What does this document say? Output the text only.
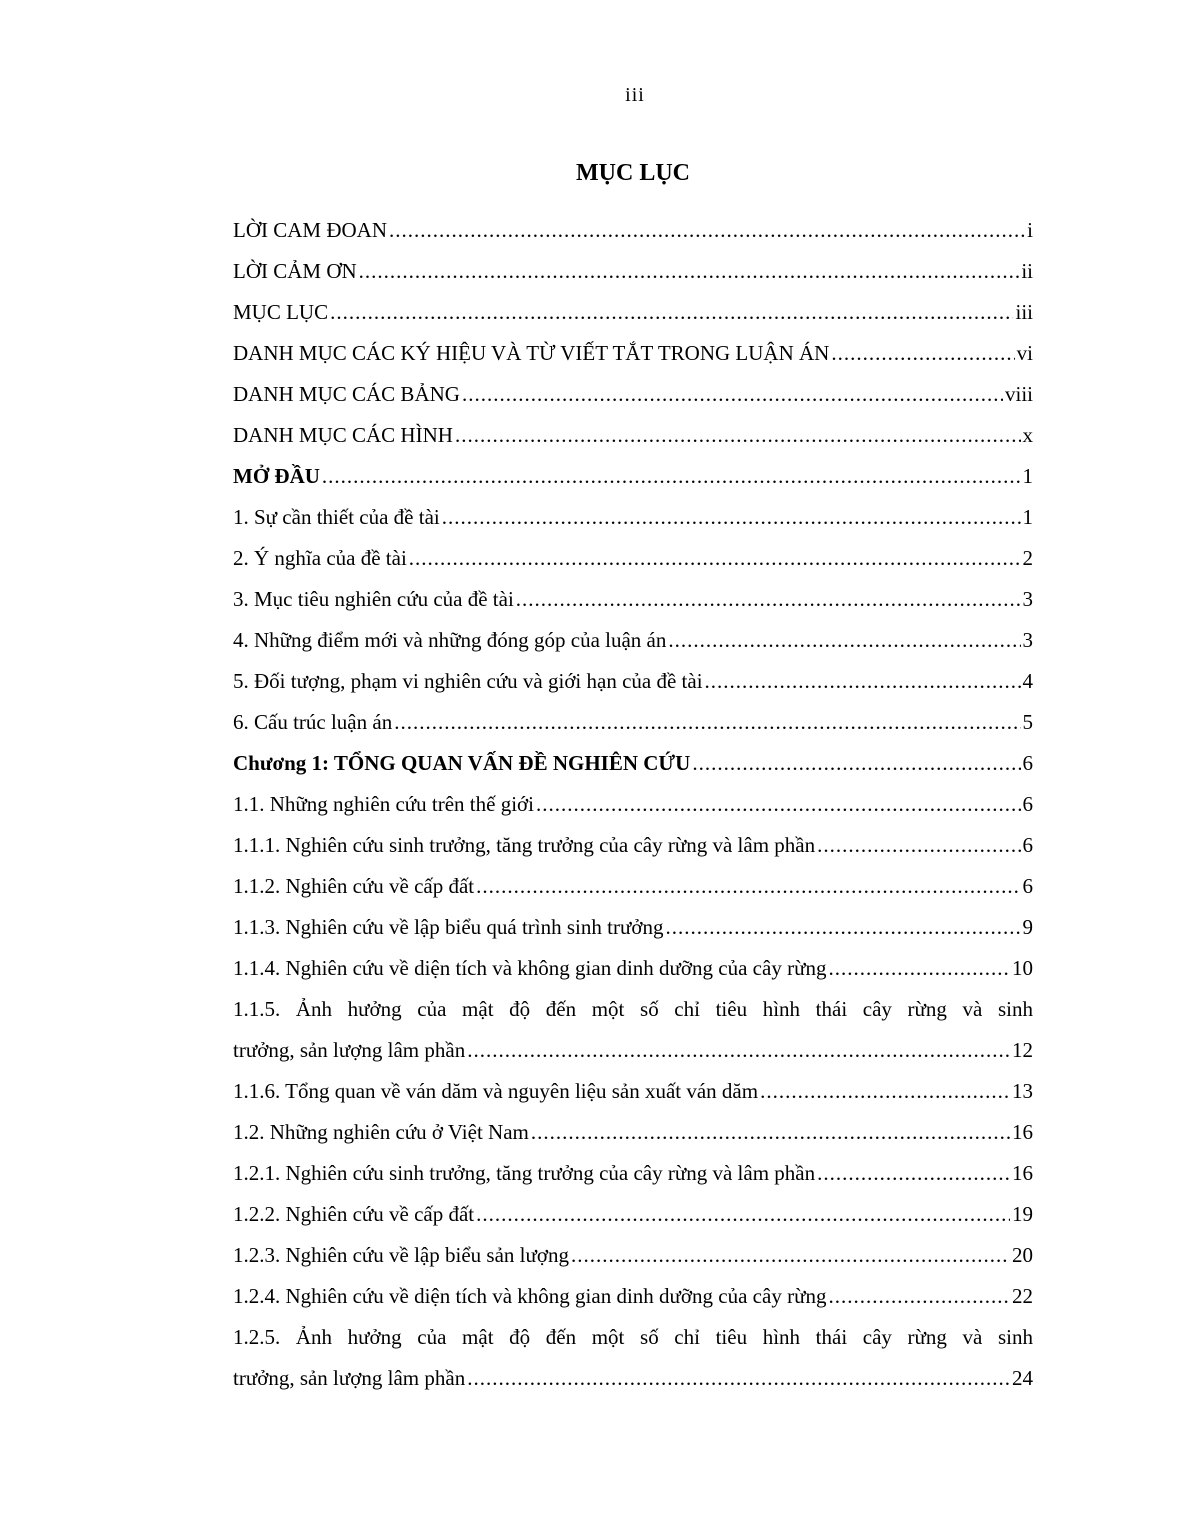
iii
MỤC LỤC
LỜI CAM ĐOAN .....	i
LỜI CẢM ƠN .....	ii
MỤC LỤC .....	iii
DANH MỤC CÁC KÝ HIỆU VÀ TỪ VIẾT TẮT TRONG LUẬN ÁN .....	vi
DANH MỤC CÁC BẢNG .....	viii
DANH MỤC CÁC HÌNH .....	x
MỞ ĐẦU .....	1
1. Sự cần thiết của đề tài .....	1
2. Ý nghĩa của đề tài .....	2
3. Mục tiêu nghiên cứu của đề tài .....	3
4. Những điểm mới và những đóng góp của luận án .....	3
5. Đối tượng, phạm vi nghiên cứu và giới hạn của đề tài .....	4
6. Cấu trúc luận án .....	5
Chương 1: TỔNG QUAN VẤN ĐỀ NGHIÊN CỨU .....	6
1.1. Những nghiên cứu trên thế giới .....	6
1.1.1. Nghiên cứu sinh trưởng, tăng trưởng của cây rừng và lâm phần .....	6
1.1.2. Nghiên cứu về cấp đất .....	6
1.1.3. Nghiên cứu về lập biểu quá trình sinh trưởng .....	9
1.1.4. Nghiên cứu về diện tích và không gian dinh dưỡng của cây rừng .....	10
1.1.5. Ảnh hưởng của mật độ đến một số chỉ tiêu hình thái cây rừng và sinh
trưởng, sản lượng lâm phần .....	12
1.1.6. Tổng quan về ván dăm và nguyên liệu sản xuất ván dăm .....	13
1.2. Những nghiên cứu ở Việt Nam .....	16
1.2.1. Nghiên cứu sinh trưởng, tăng trưởng của cây rừng và lâm phần .....	16
1.2.2. Nghiên cứu về cấp đất .....	19
1.2.3. Nghiên cứu về lập biểu sản lượng .....	20
1.2.4. Nghiên cứu về diện tích và không gian dinh dưỡng của cây rừng .....	22
1.2.5. Ảnh hưởng của mật độ đến một số chỉ tiêu hình thái cây rừng và sinh
trưởng, sản lượng lâm phần .....	24
